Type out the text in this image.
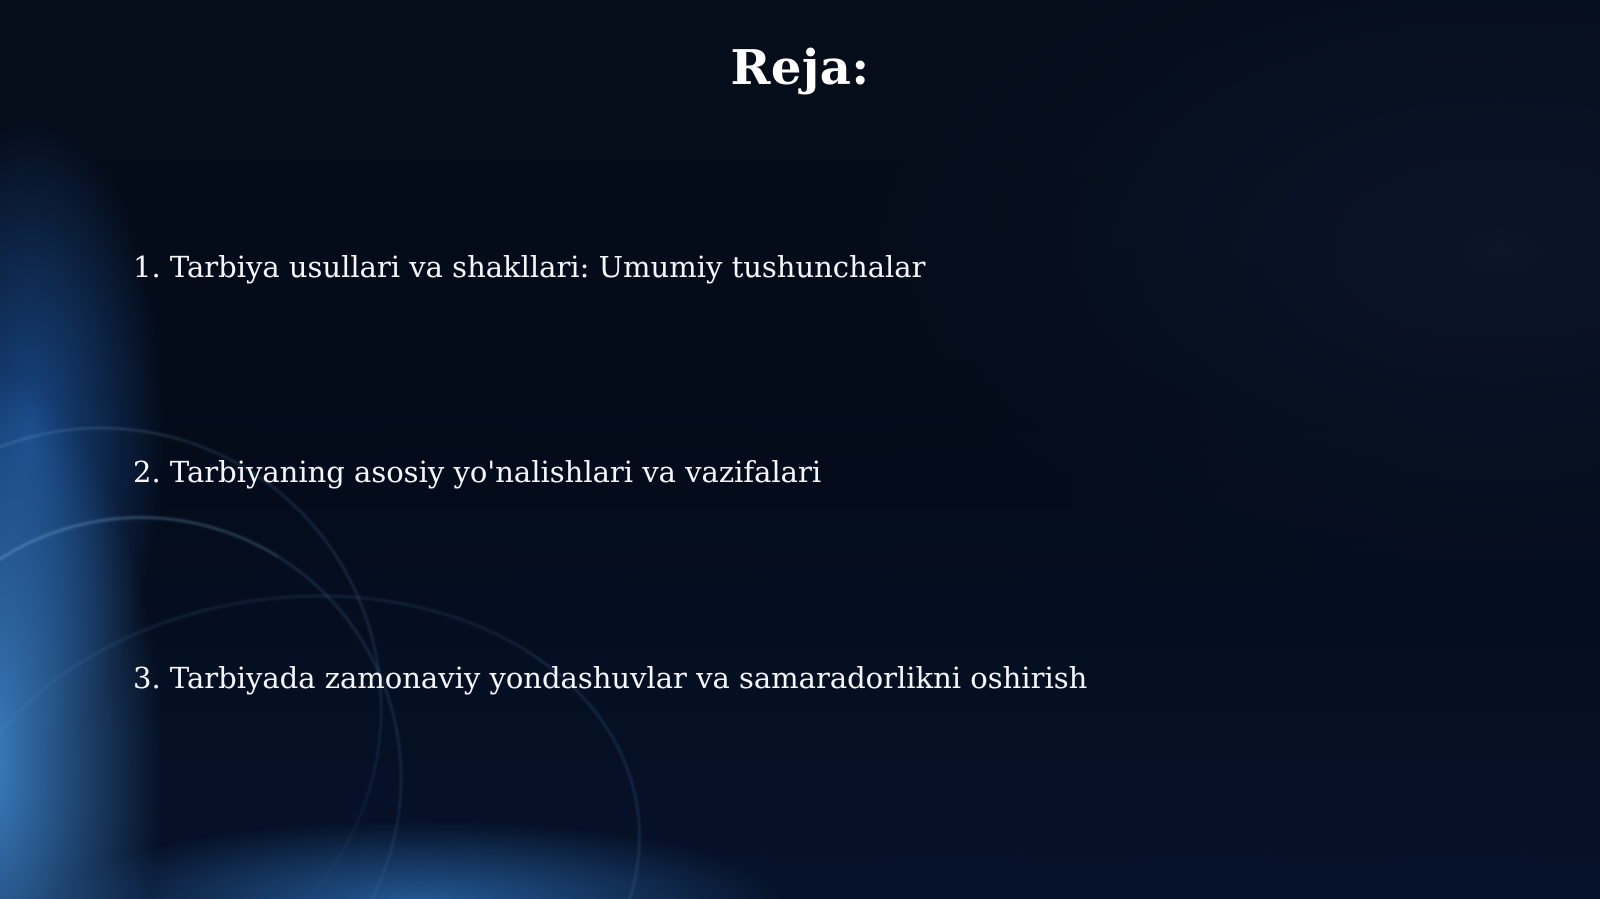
Reja:

1. Tarbiya usullari va shakllari: Umumiy tushunchalar

2. Tarbiyaning asosiy yo'nalishlari va vazifalari

3. Tarbiyada zamonaviy yondashuvlar va samaradorlikni oshirish
